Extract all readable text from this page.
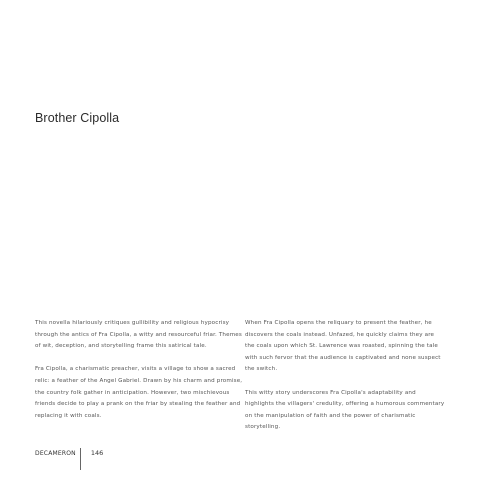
Brother Cipolla

This novella hilariously critiques gullibility and religious hypocrisy through the antics of Fra Cipolla, a witty and resourceful friar. Themes of wit, deception, and storytelling frame this satirical tale.

Fra Cipolla, a charismatic preacher, visits a village to show a sacred relic: a feather of the Angel Gabriel. Drawn by his charm and promise, the country folk gather in anticipation. However, two mischievous friends decide to play a prank on the friar by stealing the feather and replacing it with coals.

When Fra Cipolla opens the reliquary to present the feather, he discovers the coals instead. Unfazed, he quickly claims they are the coals upon which St. Lawrence was roasted, spinning the tale with such fervor that the audience is captivated and none suspect the switch.

This witty story underscores Fra Cipolla's adaptability and highlights the villagers' credulity, offering a humorous commentary on the manipulation of faith and the power of charismatic storytelling.

DECAMERON 146
